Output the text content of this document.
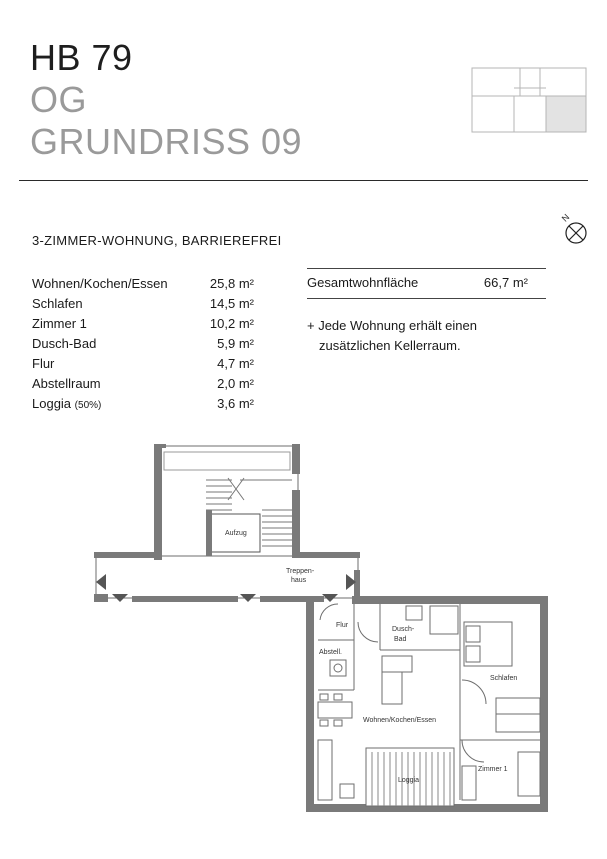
HB 79
OG
GRUNDRISS 09
N
3-ZIMMER-WOHNUNG, BARRIEREFREI
Wohnen/Kochen/Essen	25,8 m²
Schlafen	14,5 m²
Zimmer 1	10,2 m²
Dusch-Bad	5,9 m²
Flur	4,7 m²
Abstellraum	2,0 m²
Loggia (50%)	3,6 m²
Gesamtwohnfläche	66,7 m²
+ Jede Wohnung erhält einen
zusätzlichen Kellerraum.
Aufzug
Treppen-
haus
Flur
Dusch-
Bad
Abstell.
Schlafen
Wohnen/Kochen/Essen
Zimmer 1
Loggia
